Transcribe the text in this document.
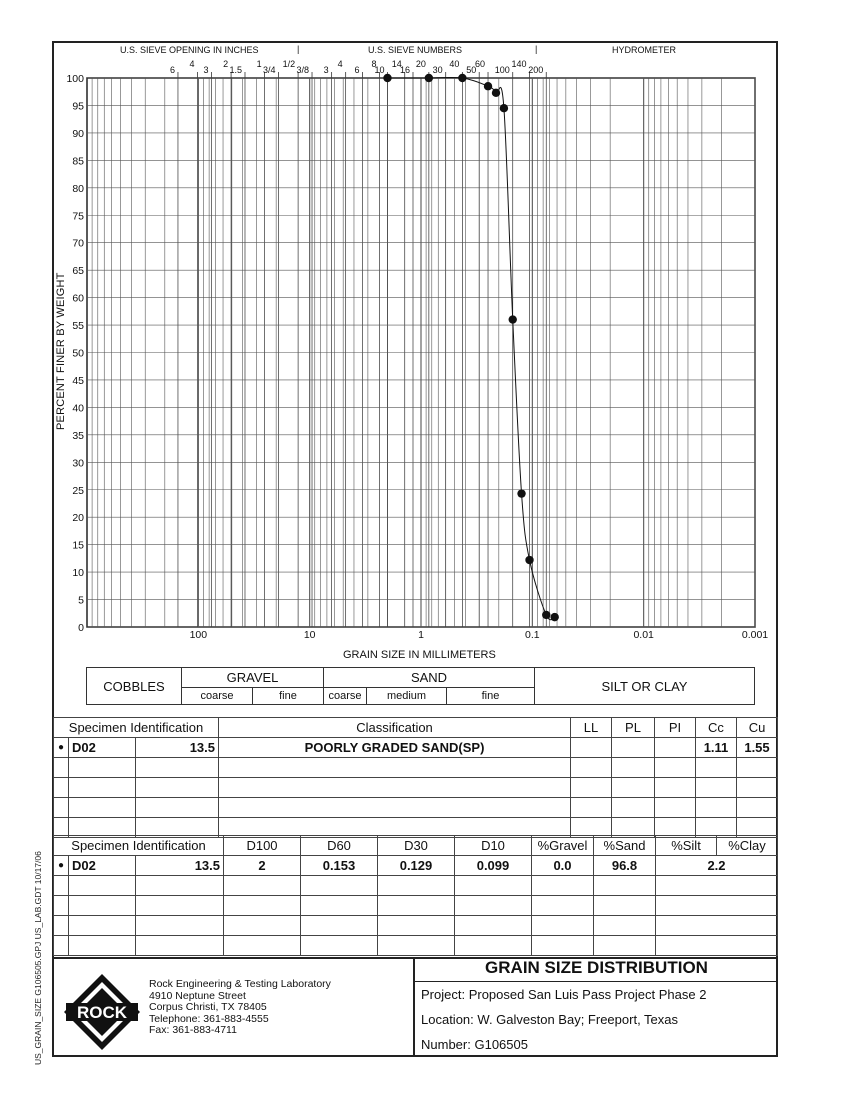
US_GRAIN_SIZE G106505.GPJ US_LAB.GDT 10/17/06
U.S. SIEVE OPENING IN INCHES	|	U.S. SIEVE NUMBERS	|	HYDROMETER
0
5
10
15
20
25
30
35
40
45
50
55
60
65
70
75
80
85
90
95
100
100	10	1	0.1	0.01	0.001
6
4
3
2
1.5
1
3/4
1/2
3/8 3
4
6
8
10
14
16
20
30
40
50
60
100
140
200
PERCENT FINER BY WEIGHT
GRAIN SIZE IN MILLIMETERS
COBBLES	GRAVEL		SAND			SILT OR CLAY
	coarse	fine	coarse	medium	fine	
Specimen Identification			Classification	LL	PL	PI	Cc	Cu
●	D02	13.5	POORLY GRADED SAND(SP)				1.11	1.55

Specimen Identification			D100	D60	D30	D10	%Gravel	%Sand	%Silt	%Clay
●	D02	13.5	2	0.153	0.129	0.099	0.0	96.8	2.2	

ROCK
Rock Engineering & Testing Laboratory
4910 Neptune Street
Corpus Christi, TX 78405
Telephone: 361-883-4555
Fax: 361-883-4711
GRAIN SIZE DISTRIBUTION
Project: Proposed San Luis Pass Project Phase 2
Location: W. Galveston Bay; Freeport, Texas
Number: G106505
